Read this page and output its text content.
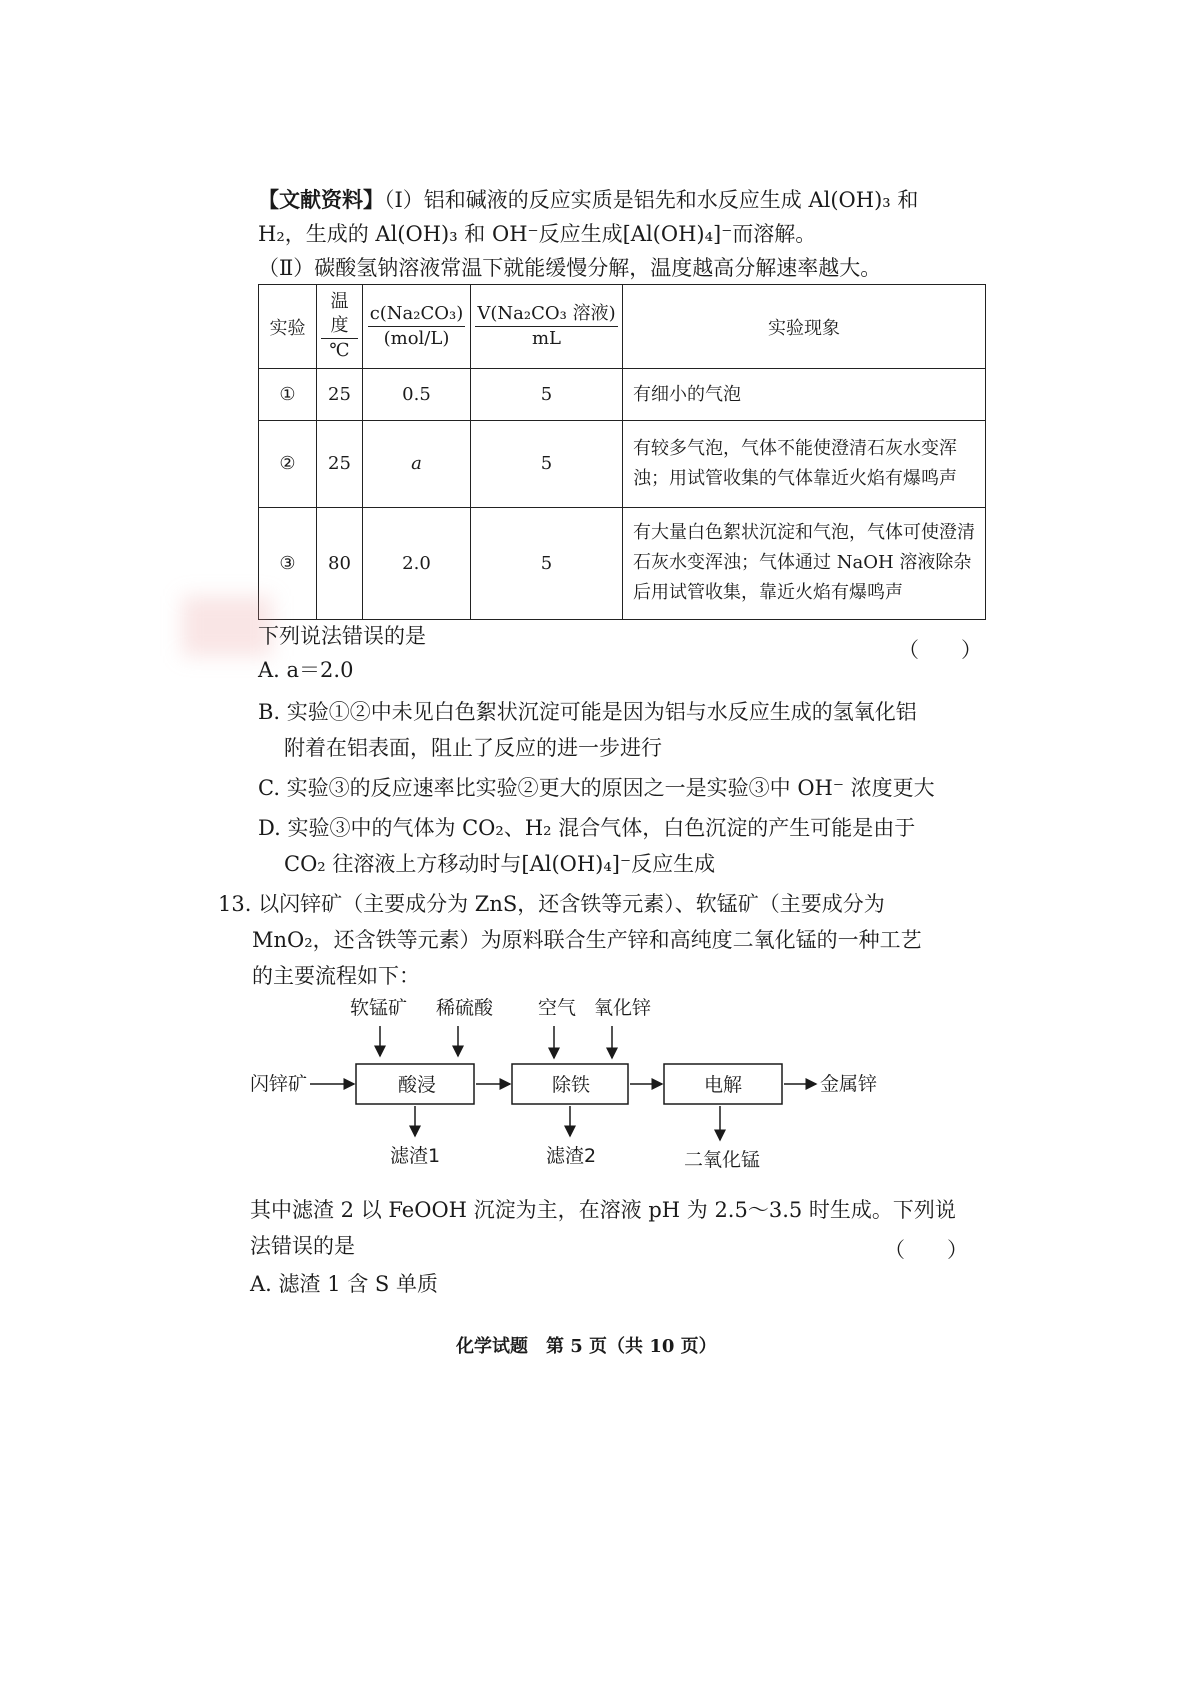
【文献资料】（Ⅰ）铝和碱液的反应实质是铝先和水反应生成 Al(OH)₃ 和
H₂，生成的 Al(OH)₃ 和 OH⁻反应生成[Al(OH)₄]⁻而溶解。
（Ⅱ）碳酸氢钠溶液常温下就能缓慢分解，温度越高分解速率越大。
实验	$\frac{\text{温度}}{℃}$	$\frac{\text{c(Na₂CO₃)}}{\text{(mol/L)}}$	$\frac{\text{V(Na₂CO₃ 溶液)}}{mL}$	实验现象
①	25	0.5	5	有细小的气泡
②	25	a	5	有较多气泡，气体不能使澄清石灰水变浑浊；用试管收集的气体靠近火焰有爆鸣声
③	80	2.0	5	有大量白色絮状沉淀和气泡，气体可使澄清石灰水变浑浊；气体通过 NaOH 溶液除杂后用试管收集，靠近火焰有爆鸣声
下列说法错误的是
（　　）
A. a＝2.0
B. 实验①②中未见白色絮状沉淀可能是因为铝与水反应生成的氢氧化铝
附着在铝表面，阻止了反应的进一步进行
C. 实验③的反应速率比实验②更大的原因之一是实验③中 OH⁻ 浓度更大
D. 实验③中的气体为 CO₂、H₂ 混合气体，白色沉淀的产生可能是由于
CO₂ 往溶液上方移动时与[Al(OH)₄]⁻反应生成
13. 以闪锌矿（主要成分为 ZnS，还含铁等元素）、软锰矿（主要成分为
MnO₂，还含铁等元素）为原料联合生产锌和高纯度二氧化锰的一种工艺
的主要流程如下：
软锰矿 稀硫酸 空气 氧化锌
闪锌矿	酸浸	除铁	电解	金属锌
滤渣1	滤渣2	二氧化锰
其中滤渣 2 以 FeOOH 沉淀为主，在溶液 pH 为 2.5～3.5 时生成。下列说
法错误的是	（　　）
A. 滤渣 1 含 S 单质
化学试题　第 5 页（共 10 页）
